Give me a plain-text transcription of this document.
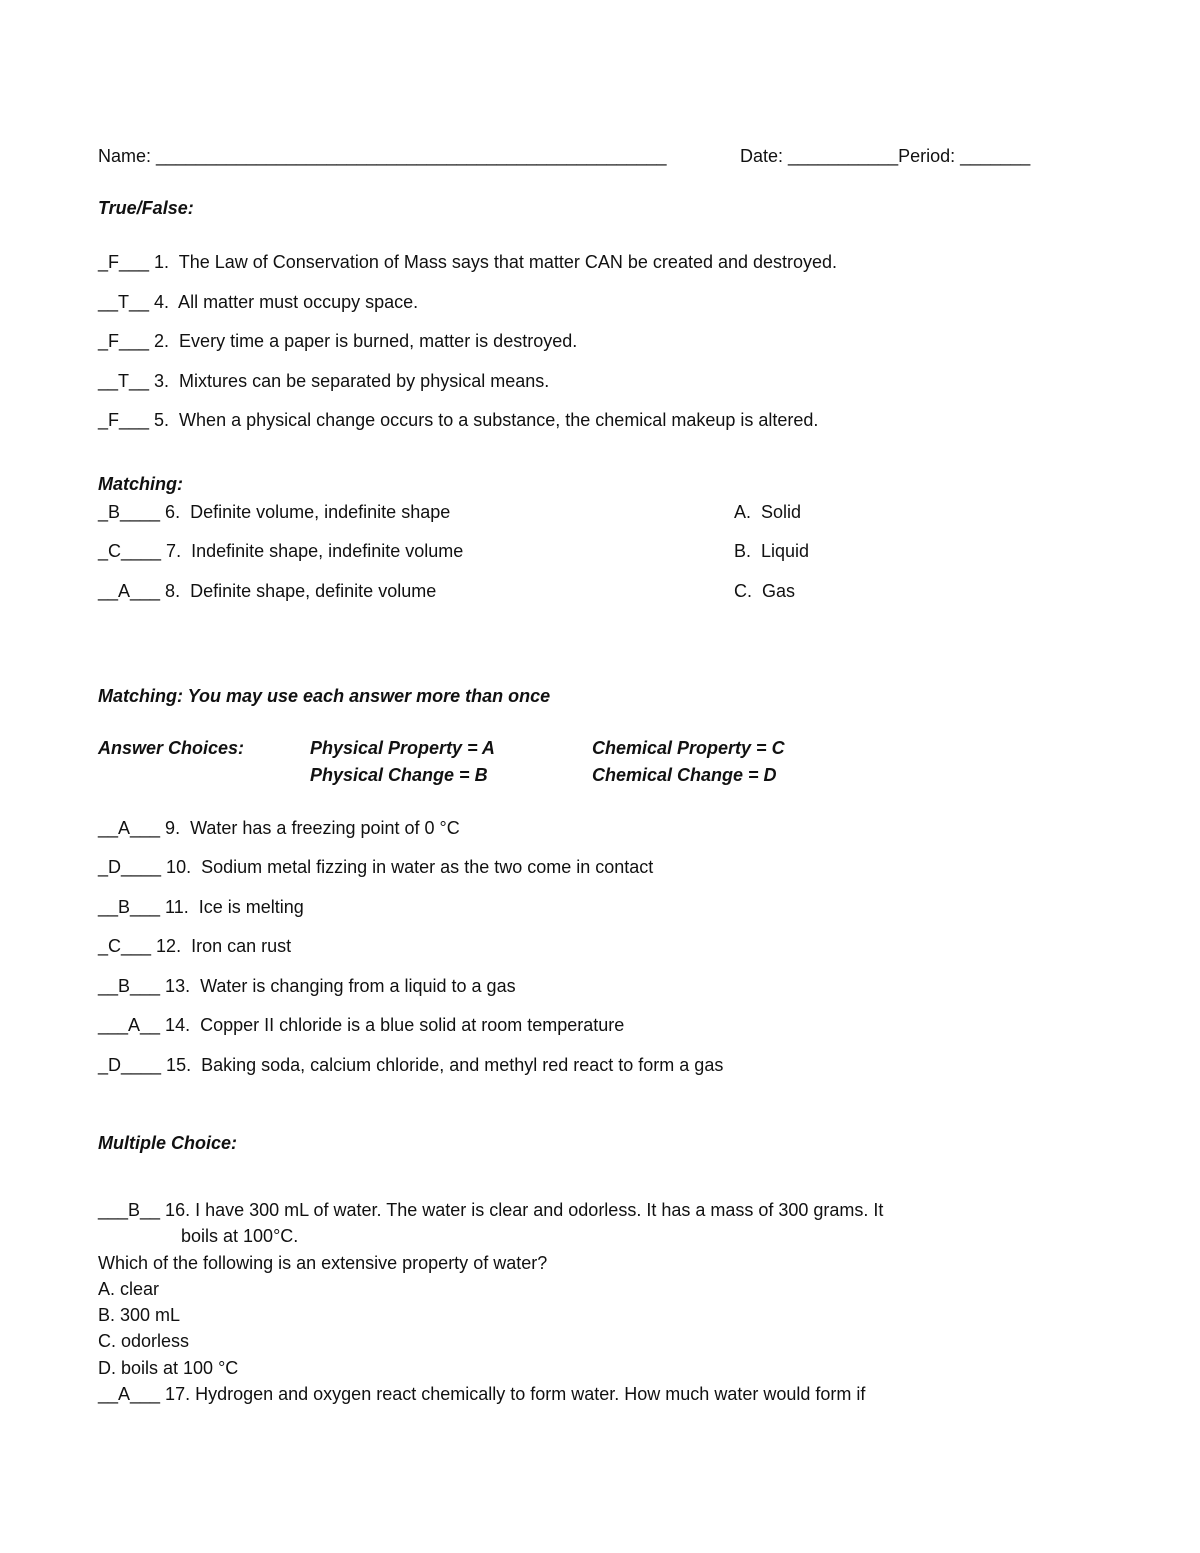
Name: ___________________________________________________	Date: ___________Period: _______
True/False:
_F___ 1.  The Law of Conservation of Mass says that matter CAN be created and destroyed.
__T__ 4.  All matter must occupy space.
_F___ 2.  Every time a paper is burned, matter is destroyed.
__T__ 3.  Mixtures can be separated by physical means.
_F___ 5.  When a physical change occurs to a substance, the chemical makeup is altered.
Matching:
_B____ 6.  Definite volume, indefinite shape
_C____ 7.  Indefinite shape, indefinite volume
__A___ 8.  Definite shape, definite volume
A.  Solid
B.  Liquid
C.  Gas
Matching: You may use each answer more than once
Answer Choices:	Physical Property = A
Physical Change = B
Chemical Property = C
Chemical Change = D
__A___ 9.  Water has a freezing point of 0 °C
_D____ 10.  Sodium metal fizzing in water as the two come in contact
__B___ 11.  Ice is melting
_C___ 12.  Iron can rust
__B___ 13.  Water is changing from a liquid to a gas
___A__ 14.  Copper II chloride is a blue solid at room temperature
_D____ 15.  Baking soda, calcium chloride, and methyl red react to form a gas
Multiple Choice:
___B__ 16. I have 300 mL of water. The water is clear and odorless. It has a mass of 300 grams. It
boils at 100°C.
Which of the following is an extensive property of water?
A. clear
B. 300 mL
C. odorless
D. boils at 100 °C
__A___ 17. Hydrogen and oxygen react chemically to form water. How much water would form if
